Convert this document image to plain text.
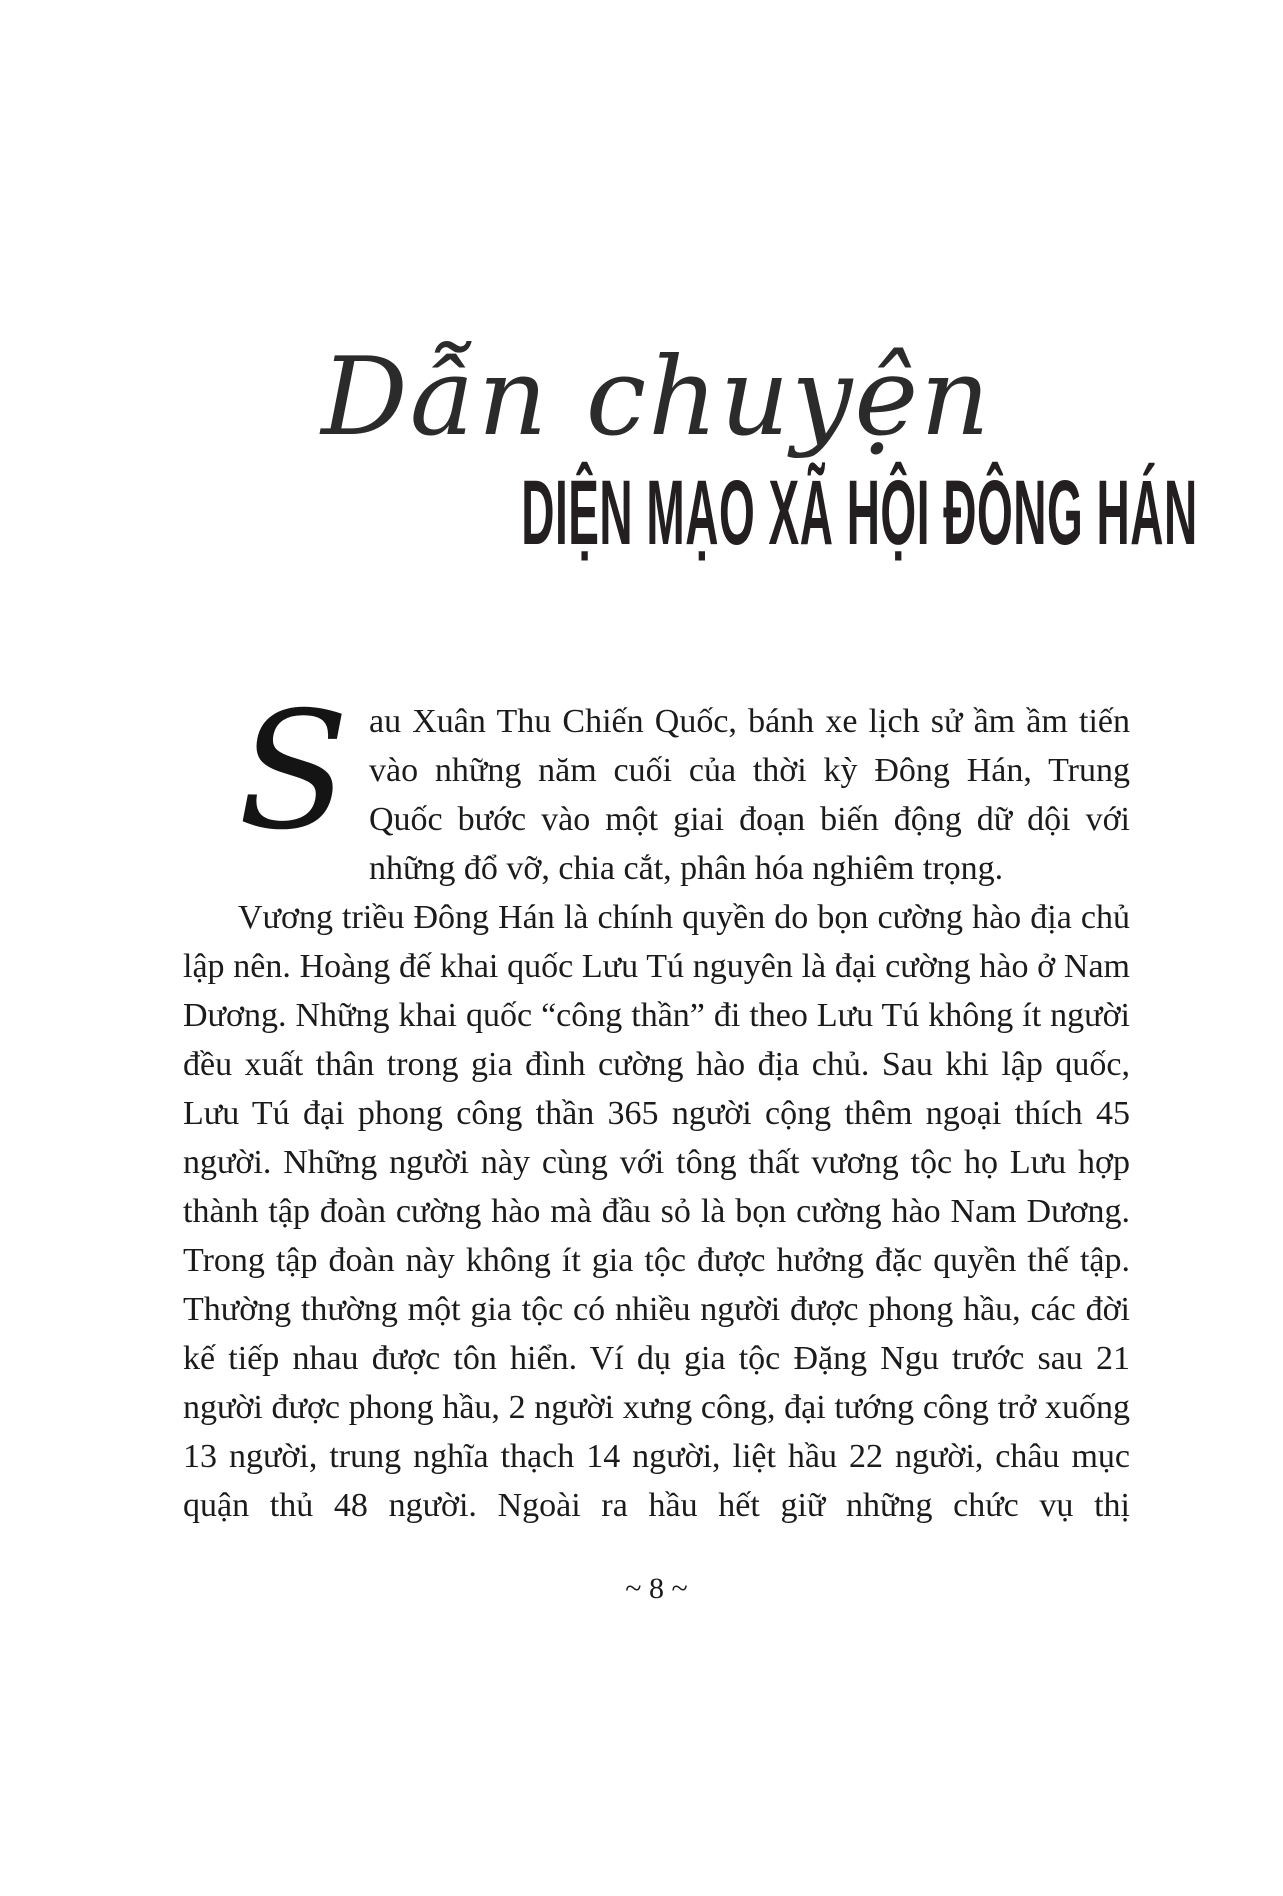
Dẫn chuyện
DIỆN MẠO XÃ HỘI ĐÔNG HÁN

Sau Xuân Thu Chiến Quốc, bánh xe lịch sử ầm ầm tiến vào những năm cuối của thời kỳ Đông Hán, Trung Quốc bước vào một giai đoạn biến động dữ dội với những đổ vỡ, chia cắt, phân hóa nghiêm trọng.

Vương triều Đông Hán là chính quyền do bọn cường hào địa chủ lập nên. Hoàng đế khai quốc Lưu Tú nguyên là đại cường hào ở Nam Dương. Những khai quốc “công thần” đi theo Lưu Tú không ít người đều xuất thân trong gia đình cường hào địa chủ. Sau khi lập quốc, Lưu Tú đại phong công thần 365 người cộng thêm ngoại thích 45 người. Những người này cùng với tông thất vương tộc họ Lưu hợp thành tập đoàn cường hào mà đầu sỏ là bọn cường hào Nam Dương. Trong tập đoàn này không ít gia tộc được hưởng đặc quyền thế tập. Thường thường một gia tộc có nhiều người được phong hầu, các đời kế tiếp nhau được tôn hiển. Ví dụ gia tộc Đặng Ngu trước sau 21 người được phong hầu, 2 người xưng công, đại tướng công trở xuống 13 người, trung nghĩa thạch 14 người, liệt hầu 22 người, châu mục quận thủ 48 người. Ngoài ra hầu hết giữ những chức vụ thị

~ 8 ~
